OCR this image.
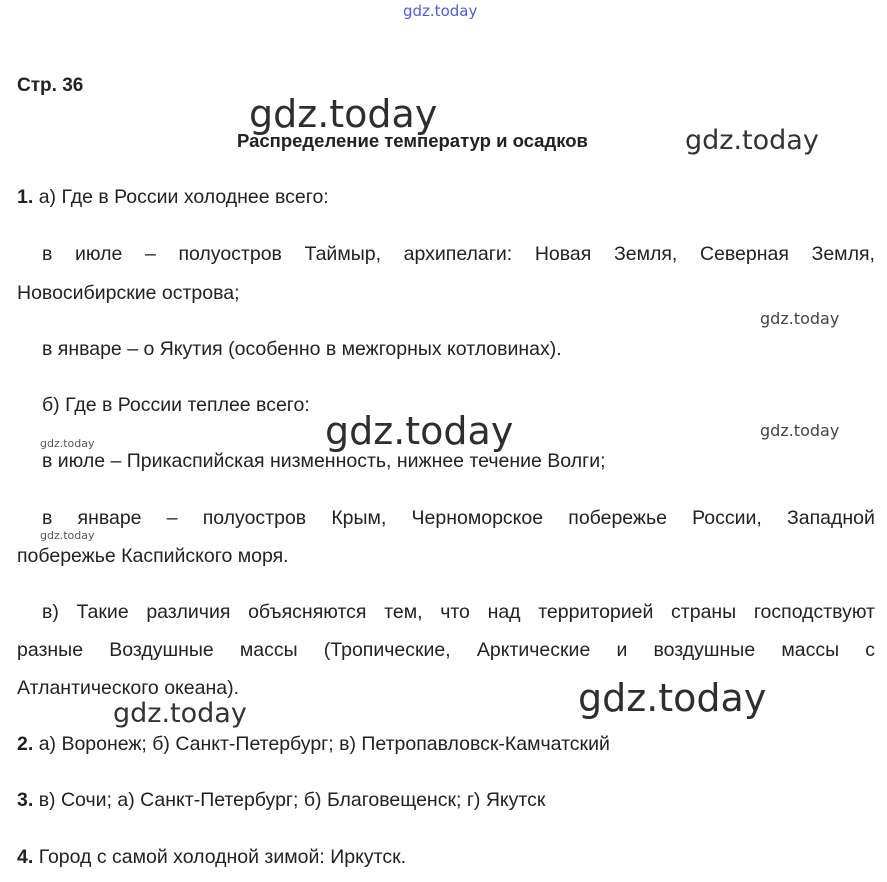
gdz.today
gdz.today
gdz.today
gdz.today
gdz.today	gdz.today
gdz.today
gdz.today
gdz.today
gdz.today
Стр. 36
Распределение температур и осадков
1. а) Где в России холоднее всего:
в июле – полуостров Таймыр, архипелаги: Новая Земля, Северная Земля,
Новосибирские острова;
в январе – о Якутия (особенно в межгорных котловинах).
б) Где в России теплее всего:
в июле – Прикаспийская низменность, нижнее течение Волги;
в январе – полуостров Крым, Черноморское побережье России, Западной
побережье Каспийского моря.
в) Такие различия объясняются тем, что над территорией страны господствуют
разные Воздушные массы (Тропические, Арктические и воздушные массы с
Атлантического океана).
2. а) Воронеж; б) Санкт-Петербург; в) Петропавловск-Камчатский
3. в) Сочи; а) Санкт-Петербург; б) Благовещенск; г) Якутск
4. Город с самой холодной зимой: Иркутск.
